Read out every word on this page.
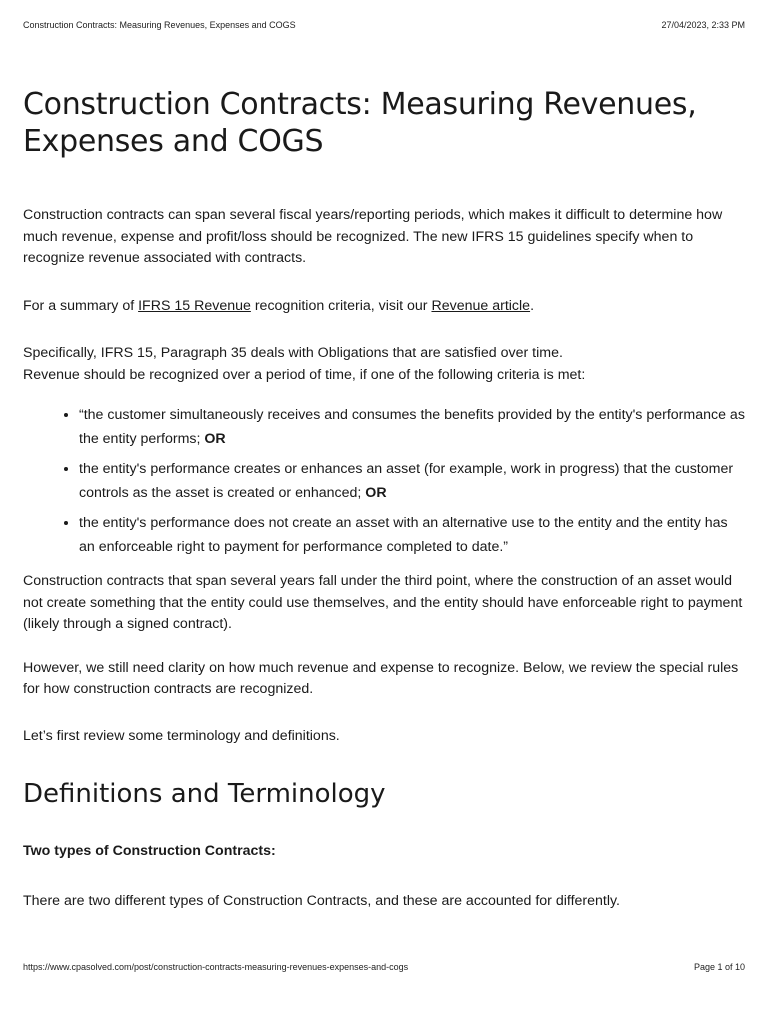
Construction Contracts: Measuring Revenues, Expenses and COGS	27/04/2023, 2:33 PM
Construction Contracts: Measuring Revenues, Expenses and COGS

Construction contracts can span several fiscal years/reporting periods, which makes it difficult to determine how much revenue, expense and profit/loss should be recognized. The new IFRS 15 guidelines specify when to recognize revenue associated with contracts.

For a summary of IFRS 15 Revenue recognition criteria, visit our Revenue article.

Specifically, IFRS 15, Paragraph 35 deals with Obligations that are satisfied over time.
Revenue should be recognized over a period of time, if one of the following criteria is met:

• “the customer simultaneously receives and consumes the benefits provided by the entity's performance as the entity performs; OR
• the entity's performance creates or enhances an asset (for example, work in progress) that the customer controls as the asset is created or enhanced; OR
• the entity's performance does not create an asset with an alternative use to the entity and the entity has an enforceable right to payment for performance completed to date.”

Construction contracts that span several years fall under the third point, where the construction of an asset would not create something that the entity could use themselves, and the entity should have enforceable right to payment (likely through a signed contract).

However, we still need clarity on how much revenue and expense to recognize. Below, we review the special rules for how construction contracts are recognized.

Let’s first review some terminology and definitions.

Definitions and Terminology

Two types of Construction Contracts:

There are two different types of Construction Contracts, and these are accounted for differently.

https://www.cpasolved.com/post/construction-contracts-measuring-revenues-expenses-and-cogs	Page 1 of 10
